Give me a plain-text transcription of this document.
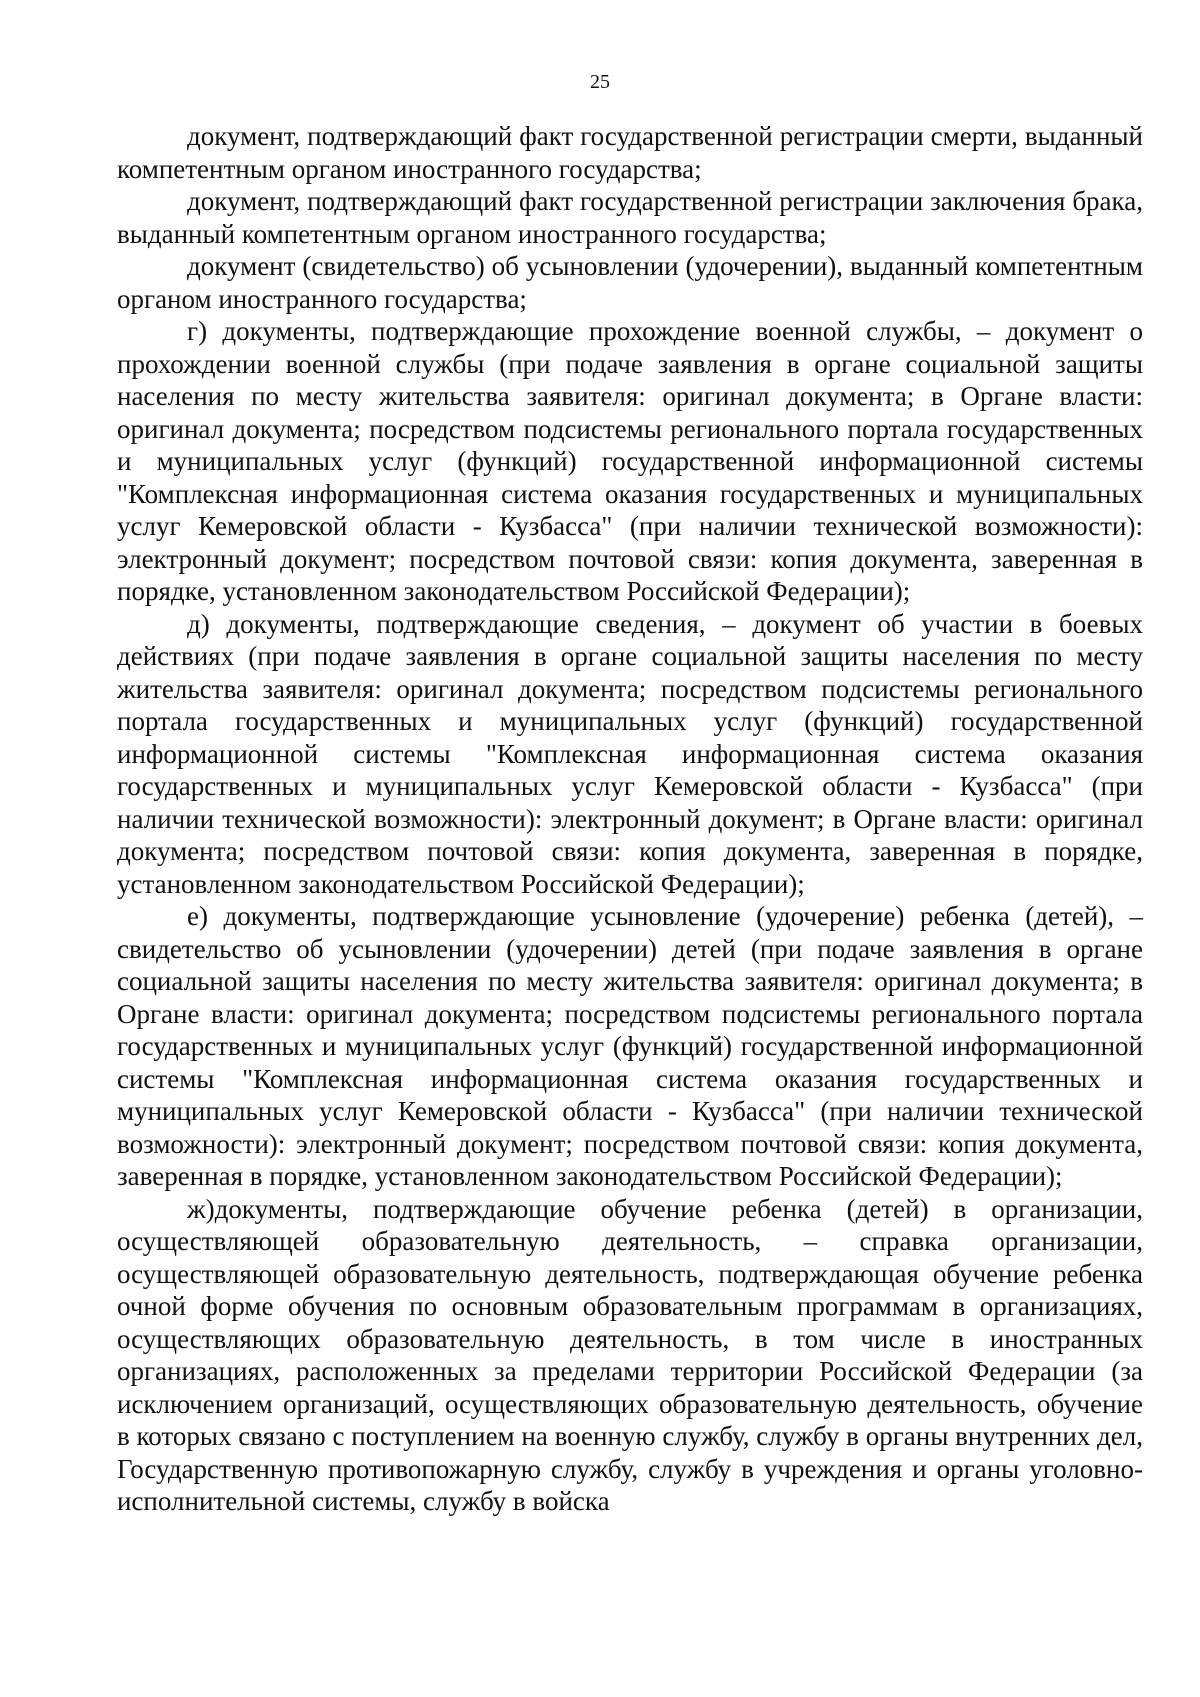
25

документ, подтверждающий факт государственной регистрации смерти, выданный компетентным органом иностранного государства;

документ, подтверждающий факт государственной регистрации заключения брака, выданный компетентным органом иностранного государства;

документ (свидетельство) об усыновлении (удочерении), выданный компетентным органом иностранного государства;

г) документы, подтверждающие прохождение военной службы, – документ о прохождении военной службы (при подаче заявления в органе социальной защиты населения по месту жительства заявителя: оригинал документа; в Органе власти: оригинал документа; посредством подсистемы регионального портала государственных и муниципальных услуг (функций) государственной информационной системы "Комплексная информационная система оказания государственных и муниципальных услуг Кемеровской области - Кузбасса" (при наличии технической возможности): электронный документ; посредством почтовой связи: копия документа, заверенная в порядке, установленном законодательством Российской Федерации);

д) документы, подтверждающие сведения, – документ об участии в боевых действиях (при подаче заявления в органе социальной защиты населения по месту жительства заявителя: оригинал документа; посредством подсистемы регионального портала государственных и муниципальных услуг (функций) государственной информационной системы "Комплексная информационная система оказания государственных и муниципальных услуг Кемеровской области - Кузбасса" (при наличии технической возможности): электронный документ; в Органе власти: оригинал документа; посредством почтовой связи: копия документа, заверенная в порядке, установленном законодательством Российской Федерации);

е) документы, подтверждающие усыновление (удочерение) ребенка (детей), – свидетельство об усыновлении (удочерении) детей (при подаче заявления в органе социальной защиты населения по месту жительства заявителя: оригинал документа; в Органе власти: оригинал документа; посредством подсистемы регионального портала государственных и муниципальных услуг (функций) государственной информационной системы "Комплексная информационная система оказания государственных и муниципальных услуг Кемеровской области - Кузбасса" (при наличии технической возможности): электронный документ; посредством почтовой связи: копия документа, заверенная в порядке, установленном законодательством Российской Федерации);

ж)документы, подтверждающие обучение ребенка (детей) в организации, осуществляющей образовательную деятельность, – справка организации, осуществляющей образовательную деятельность, подтверждающая обучение ребенка очной форме обучения по основным образовательным программам в организациях, осуществляющих образовательную деятельность, в том числе в иностранных организациях, расположенных за пределами территории Российской Федерации (за исключением организаций, осуществляющих образовательную деятельность, обучение в которых связано с поступлением на военную службу, службу в органы внутренних дел, Государственную противопожарную службу, службу в учреждения и органы уголовно-исполнительной системы, службу в войска
